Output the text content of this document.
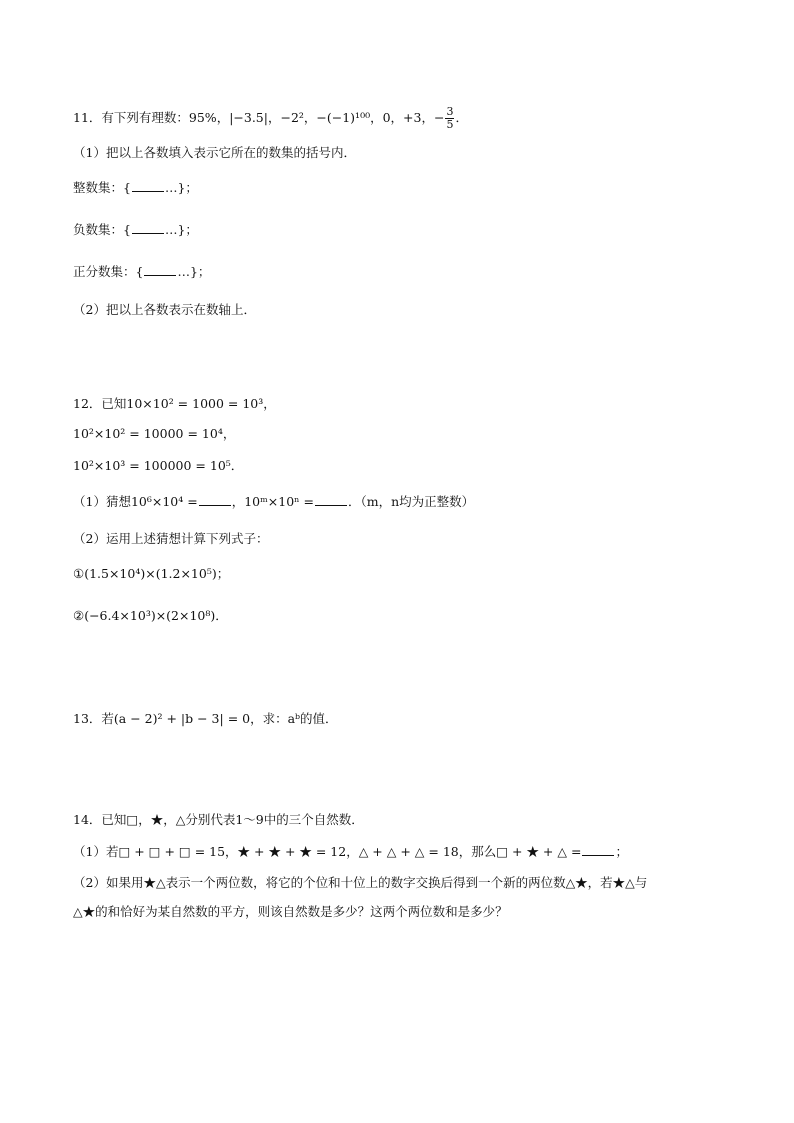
11．有下列有理数：95%，|−3.5|，−2²，−(−1)¹⁰⁰，0，+3，− $\frac{3}{5}$ ．
（1）把以上各数填入表示它所在的数集的括号内．
整数集：{	…}；
负数集：{	…}；
正分数集：{	…}；
（2）把以上各数表示在数轴上．
12．已知10×10² = 1000 = 10³，
10²×10² = 10000 = 10⁴，
10²×10³ = 100000 = 10⁵．
（1）猜想10⁶×10⁴ =	，10ᵐ×10ⁿ =	．（m，n均为正整数）
（2）运用上述猜想计算下列式子：
①(1.5×10⁴)×(1.2×10⁵)；
②(−6.4×10³)×(2×10⁸)．
13．若(a − 2)² + |b − 3| = 0，求：aᵇ的值．
14．已知□，★，△分别代表1～9中的三个自然数．
（1）若□ + □ + □ = 15，★ + ★ + ★ = 12，△ + △ + △ = 18，那么□ + ★ + △ =	；
（2）如果用★△表示一个两位数，将它的个位和十位上的数字交换后得到一个新的两位数△★，若★△与
△★的和恰好为某自然数的平方，则该自然数是多少？这两个两位数和是多少？
